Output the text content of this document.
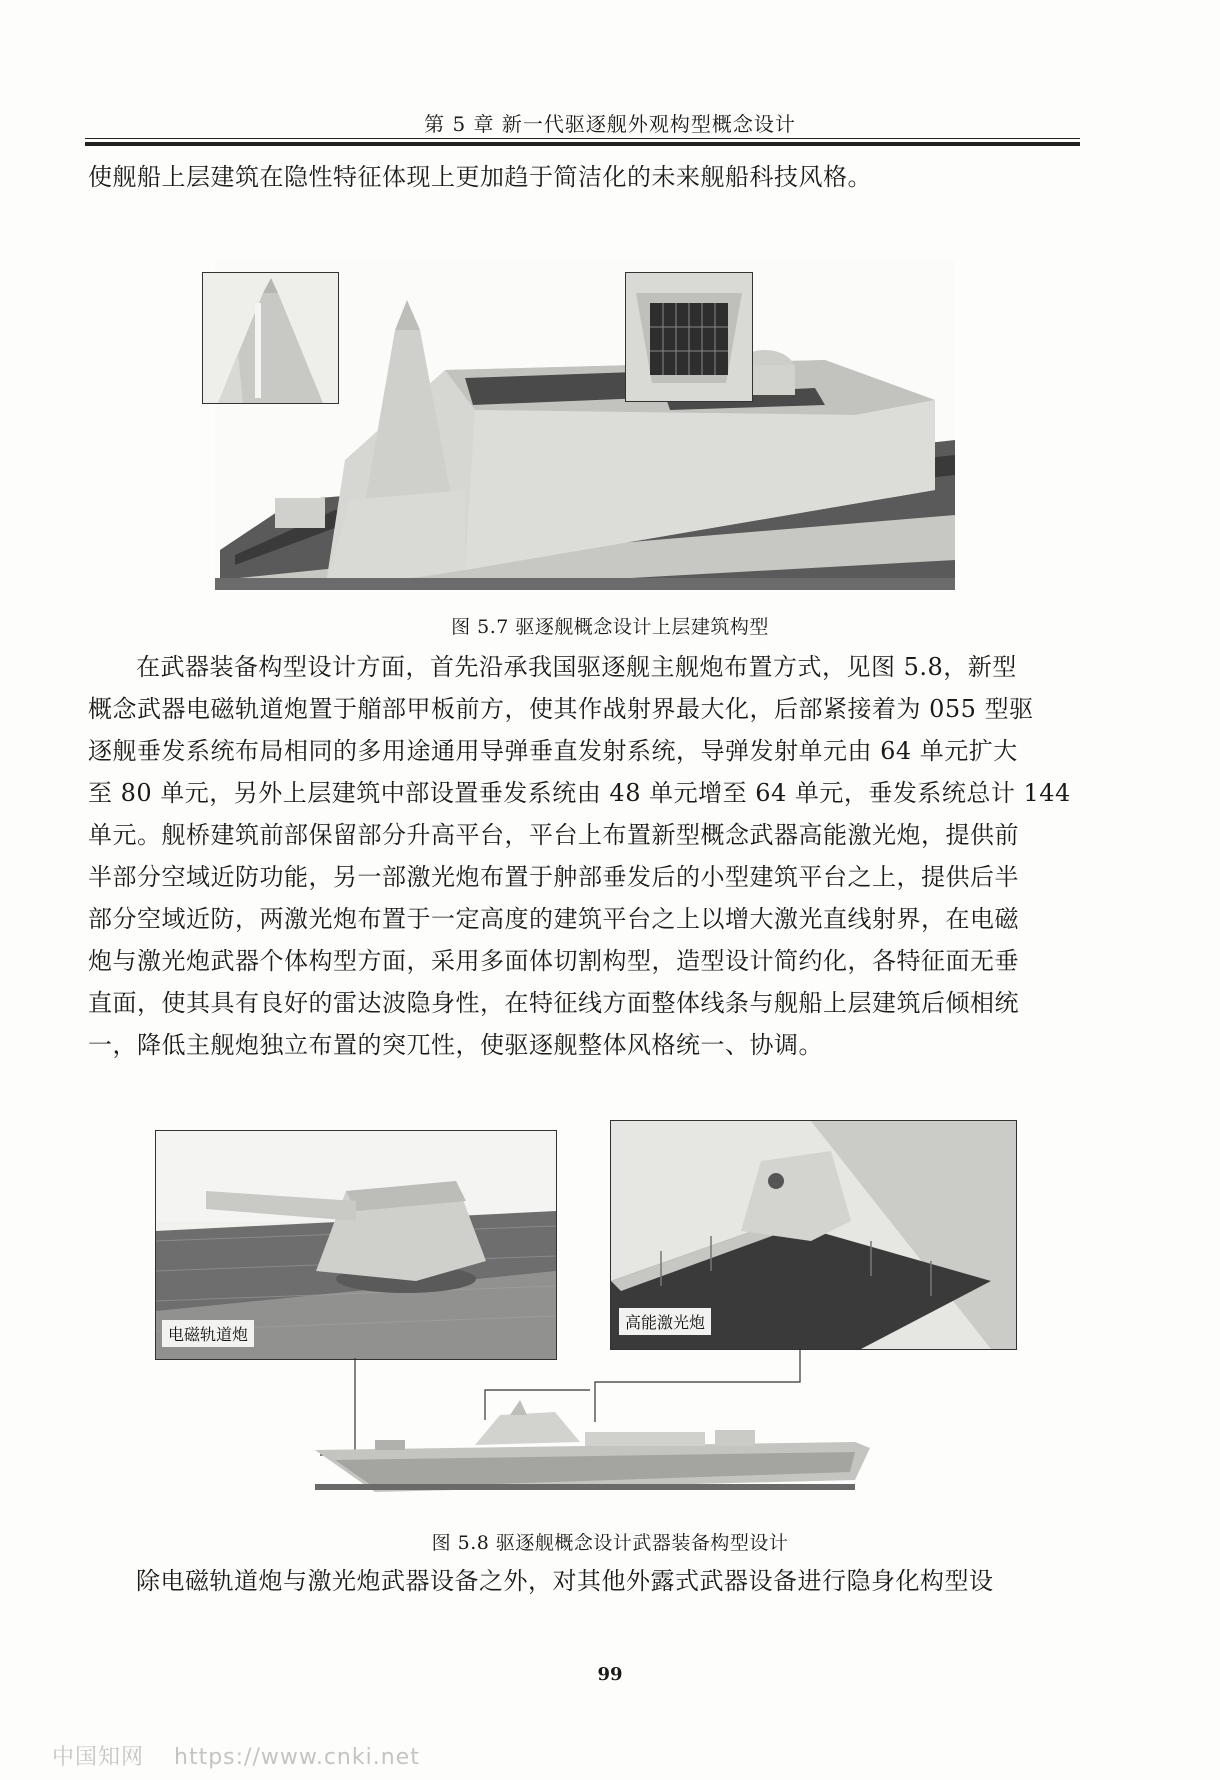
第 5 章 新一代驱逐舰外观构型概念设计
使舰船上层建筑在隐性特征体现上更加趋于简洁化的未来舰船科技风格。
图 5.7 驱逐舰概念设计上层建筑构型
在武器装备构型设计方面，首先沿承我国驱逐舰主舰炮布置方式，见图 5.8，新型
概念武器电磁轨道炮置于艏部甲板前方，使其作战射界最大化，后部紧接着为 055 型驱
逐舰垂发系统布局相同的多用途通用导弹垂直发射系统，导弹发射单元由 64 单元扩大
至 80 单元，另外上层建筑中部设置垂发系统由 48 单元增至 64 单元，垂发系统总计 144
单元。舰桥建筑前部保留部分升高平台，平台上布置新型概念武器高能激光炮，提供前
半部分空域近防功能，另一部激光炮布置于舯部垂发后的小型建筑平台之上，提供后半
部分空域近防，两激光炮布置于一定高度的建筑平台之上以增大激光直线射界，在电磁
炮与激光炮武器个体构型方面，采用多面体切割构型，造型设计简约化，各特征面无垂
直面，使其具有良好的雷达波隐身性，在特征线方面整体线条与舰船上层建筑后倾相统
一，降低主舰炮独立布置的突兀性，使驱逐舰整体风格统一、协调。
电磁轨道炮
高能激光炮
图 5.8 驱逐舰概念设计武器装备构型设计
除电磁轨道炮与激光炮武器设备之外，对其他外露式武器设备进行隐身化构型设
99
中国知网 https://www.cnki.net
